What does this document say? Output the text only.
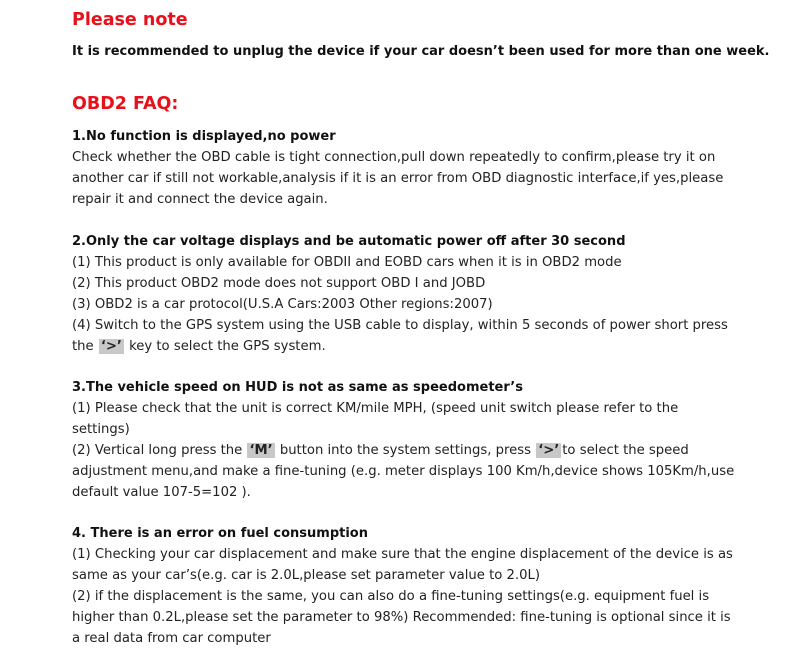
Please note
It is recommended to unplug the device if your car doesn’t been used for more than one week.
OBD2 FAQ:
1.No function is displayed,no power
Check whether the OBD cable is tight connection,pull down repeatedly to confirm,please try it on
another car if still not workable,analysis if it is an error from OBD diagnostic interface,if yes,please
repair it and connect the device again.
2.Only the car voltage displays and be automatic power off after 30 second
(1) This product is only available for OBDII and EOBD cars when it is in OBD2 mode
(2) This product OBD2 mode does not support OBD I and JOBD
(3) OBD2 is a car protocol(U.S.A Cars:2003 Other regions:2007)
(4) Switch to the GPS system using the USB cable to display, within 5 seconds of power short press
the ‘>’ key to select the GPS system.
3.The vehicle speed on HUD is not as same as speedometer’s
(1) Please check that the unit is correct KM/mile MPH, (speed unit switch please refer to the
settings)
(2) Vertical long press the ‘M’ button into the system settings, press ‘>’ to select the speed
adjustment menu,and make a fine-tuning (e.g. meter displays 100 Km/h,device shows 105Km/h,use
default value 107-5=102 ).
4. There is an error on fuel consumption
(1) Checking your car displacement and make sure that the engine displacement of the device is as
same as your car’s(e.g. car is 2.0L,please set parameter value to 2.0L)
(2) if the displacement is the same, you can also do a fine-tuning settings(e.g. equipment fuel is
higher than 0.2L,please set the parameter to 98%) Recommended: fine-tuning is optional since it is
a real data from car computer
